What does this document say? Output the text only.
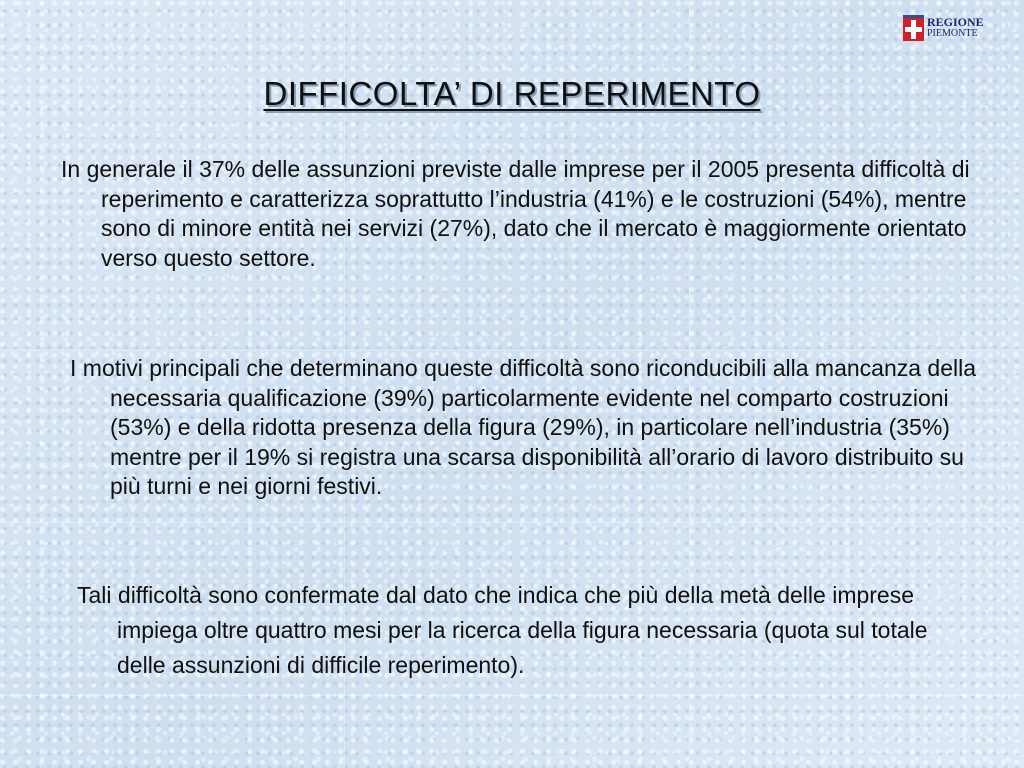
REGIONE
PIEMONTE
DIFFICOLTA’ DI REPERIMENTO
In generale il 37% delle assunzioni previste dalle imprese per il 2005 presenta difficoltà di reperimento e caratterizza soprattutto l’industria (41%) e le costruzioni (54%), mentre sono di minore entità nei servizi (27%), dato che il mercato è maggiormente orientato verso questo settore.
I motivi principali che determinano queste difficoltà sono riconducibili alla mancanza della necessaria qualificazione (39%) particolarmente evidente nel comparto costruzioni (53%) e della ridotta presenza della figura (29%), in particolare nell’industria (35%) mentre per il 19% si registra una scarsa disponibilità all’orario di lavoro distribuito su più turni e nei giorni festivi.
Tali difficoltà sono confermate dal dato che indica che più della metà delle imprese impiega oltre quattro mesi per la ricerca della figura necessaria (quota sul totale delle assunzioni di difficile reperimento).
